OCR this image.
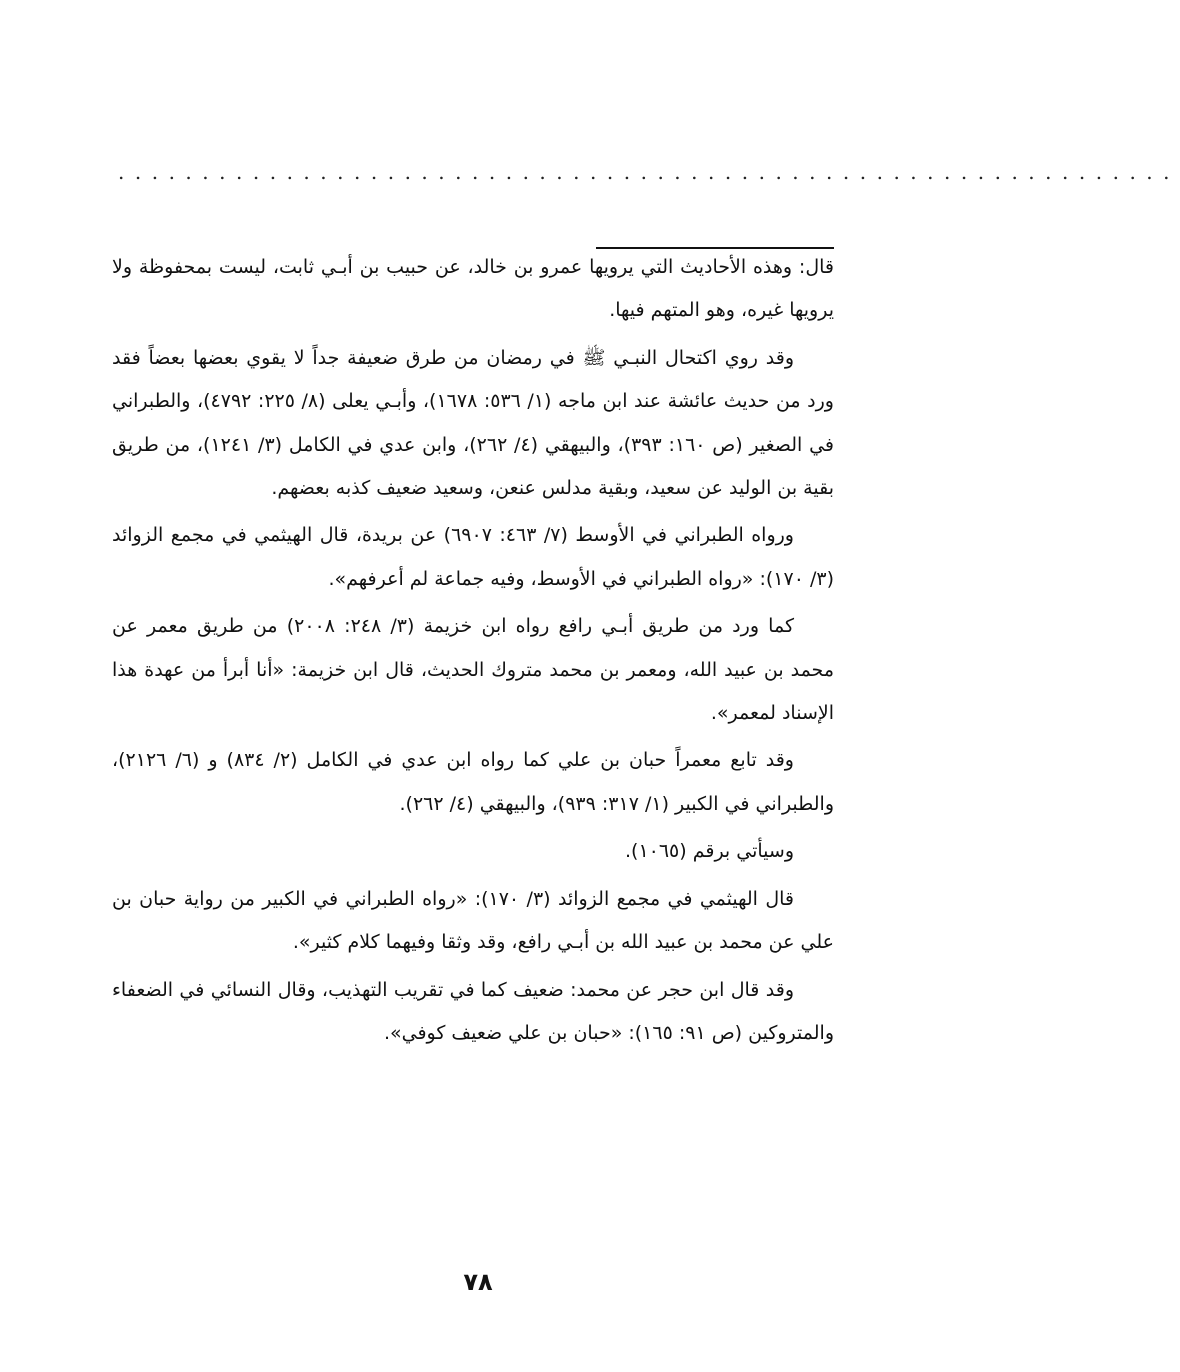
...............................................................

قال: وهذه الأحاديث التي يرويها عمرو بن خالد، عن حبيب بن أبـي ثابت، ليست بمحفوظة ولا يرويها غيره، وهو المتهم فيها.

وقد روي اكتحال النبـي ﷺ في رمضان من طرق ضعيفة جداً لا يقوي بعضها بعضاً فقد ورد من حديث عائشة عند ابن ماجه (١/ ٥٣٦: ١٦٧٨)، وأبـي يعلى (٨/ ٢٢٥: ٤٧٩٢)، والطبراني في الصغير (ص ١٦٠: ٣٩٣)، والبيهقي (٤/ ٢٦٢)، وابن عدي في الكامل (٣/ ١٢٤١)، من طريق بقية بن الوليد عن سعيد، وبقية مدلس عنعن، وسعيد ضعيف كذبه بعضهم.

ورواه الطبراني في الأوسط (٧/ ٤٦٣: ٦٩٠٧) عن بريدة، قال الهيثمي في مجمع الزوائد (٣/ ١٧٠): «رواه الطبراني في الأوسط، وفيه جماعة لم أعرفهم».

كما ورد من طريق أبـي رافع رواه ابن خزيمة (٣/ ٢٤٨: ٢٠٠٨) من طريق معمر عن محمد بن عبيد الله، ومعمر بن محمد متروك الحديث، قال ابن خزيمة: «أنا أبرأ من عهدة هذا الإسناد لمعمر».

وقد تابع معمراً حبان بن علي كما رواه ابن عدي في الكامل (٢/ ٨٣٤) و (٦/ ٢١٢٦)، والطبراني في الكبير (١/ ٣١٧: ٩٣٩)، والبيهقي (٤/ ٢٦٢).

وسيأتي برقم (١٠٦٥).

قال الهيثمي في مجمع الزوائد (٣/ ١٧٠): «رواه الطبراني في الكبير من رواية حبان بن علي عن محمد بن عبيد الله بن أبـي رافع، وقد وثقا وفيهما كلام كثير».

وقد قال ابن حجر عن محمد: ضعيف كما في تقريب التهذيب، وقال النسائي في الضعفاء والمتروكين (ص ٩١: ١٦٥): «حبان بن علي ضعيف كوفي».

٧٨
